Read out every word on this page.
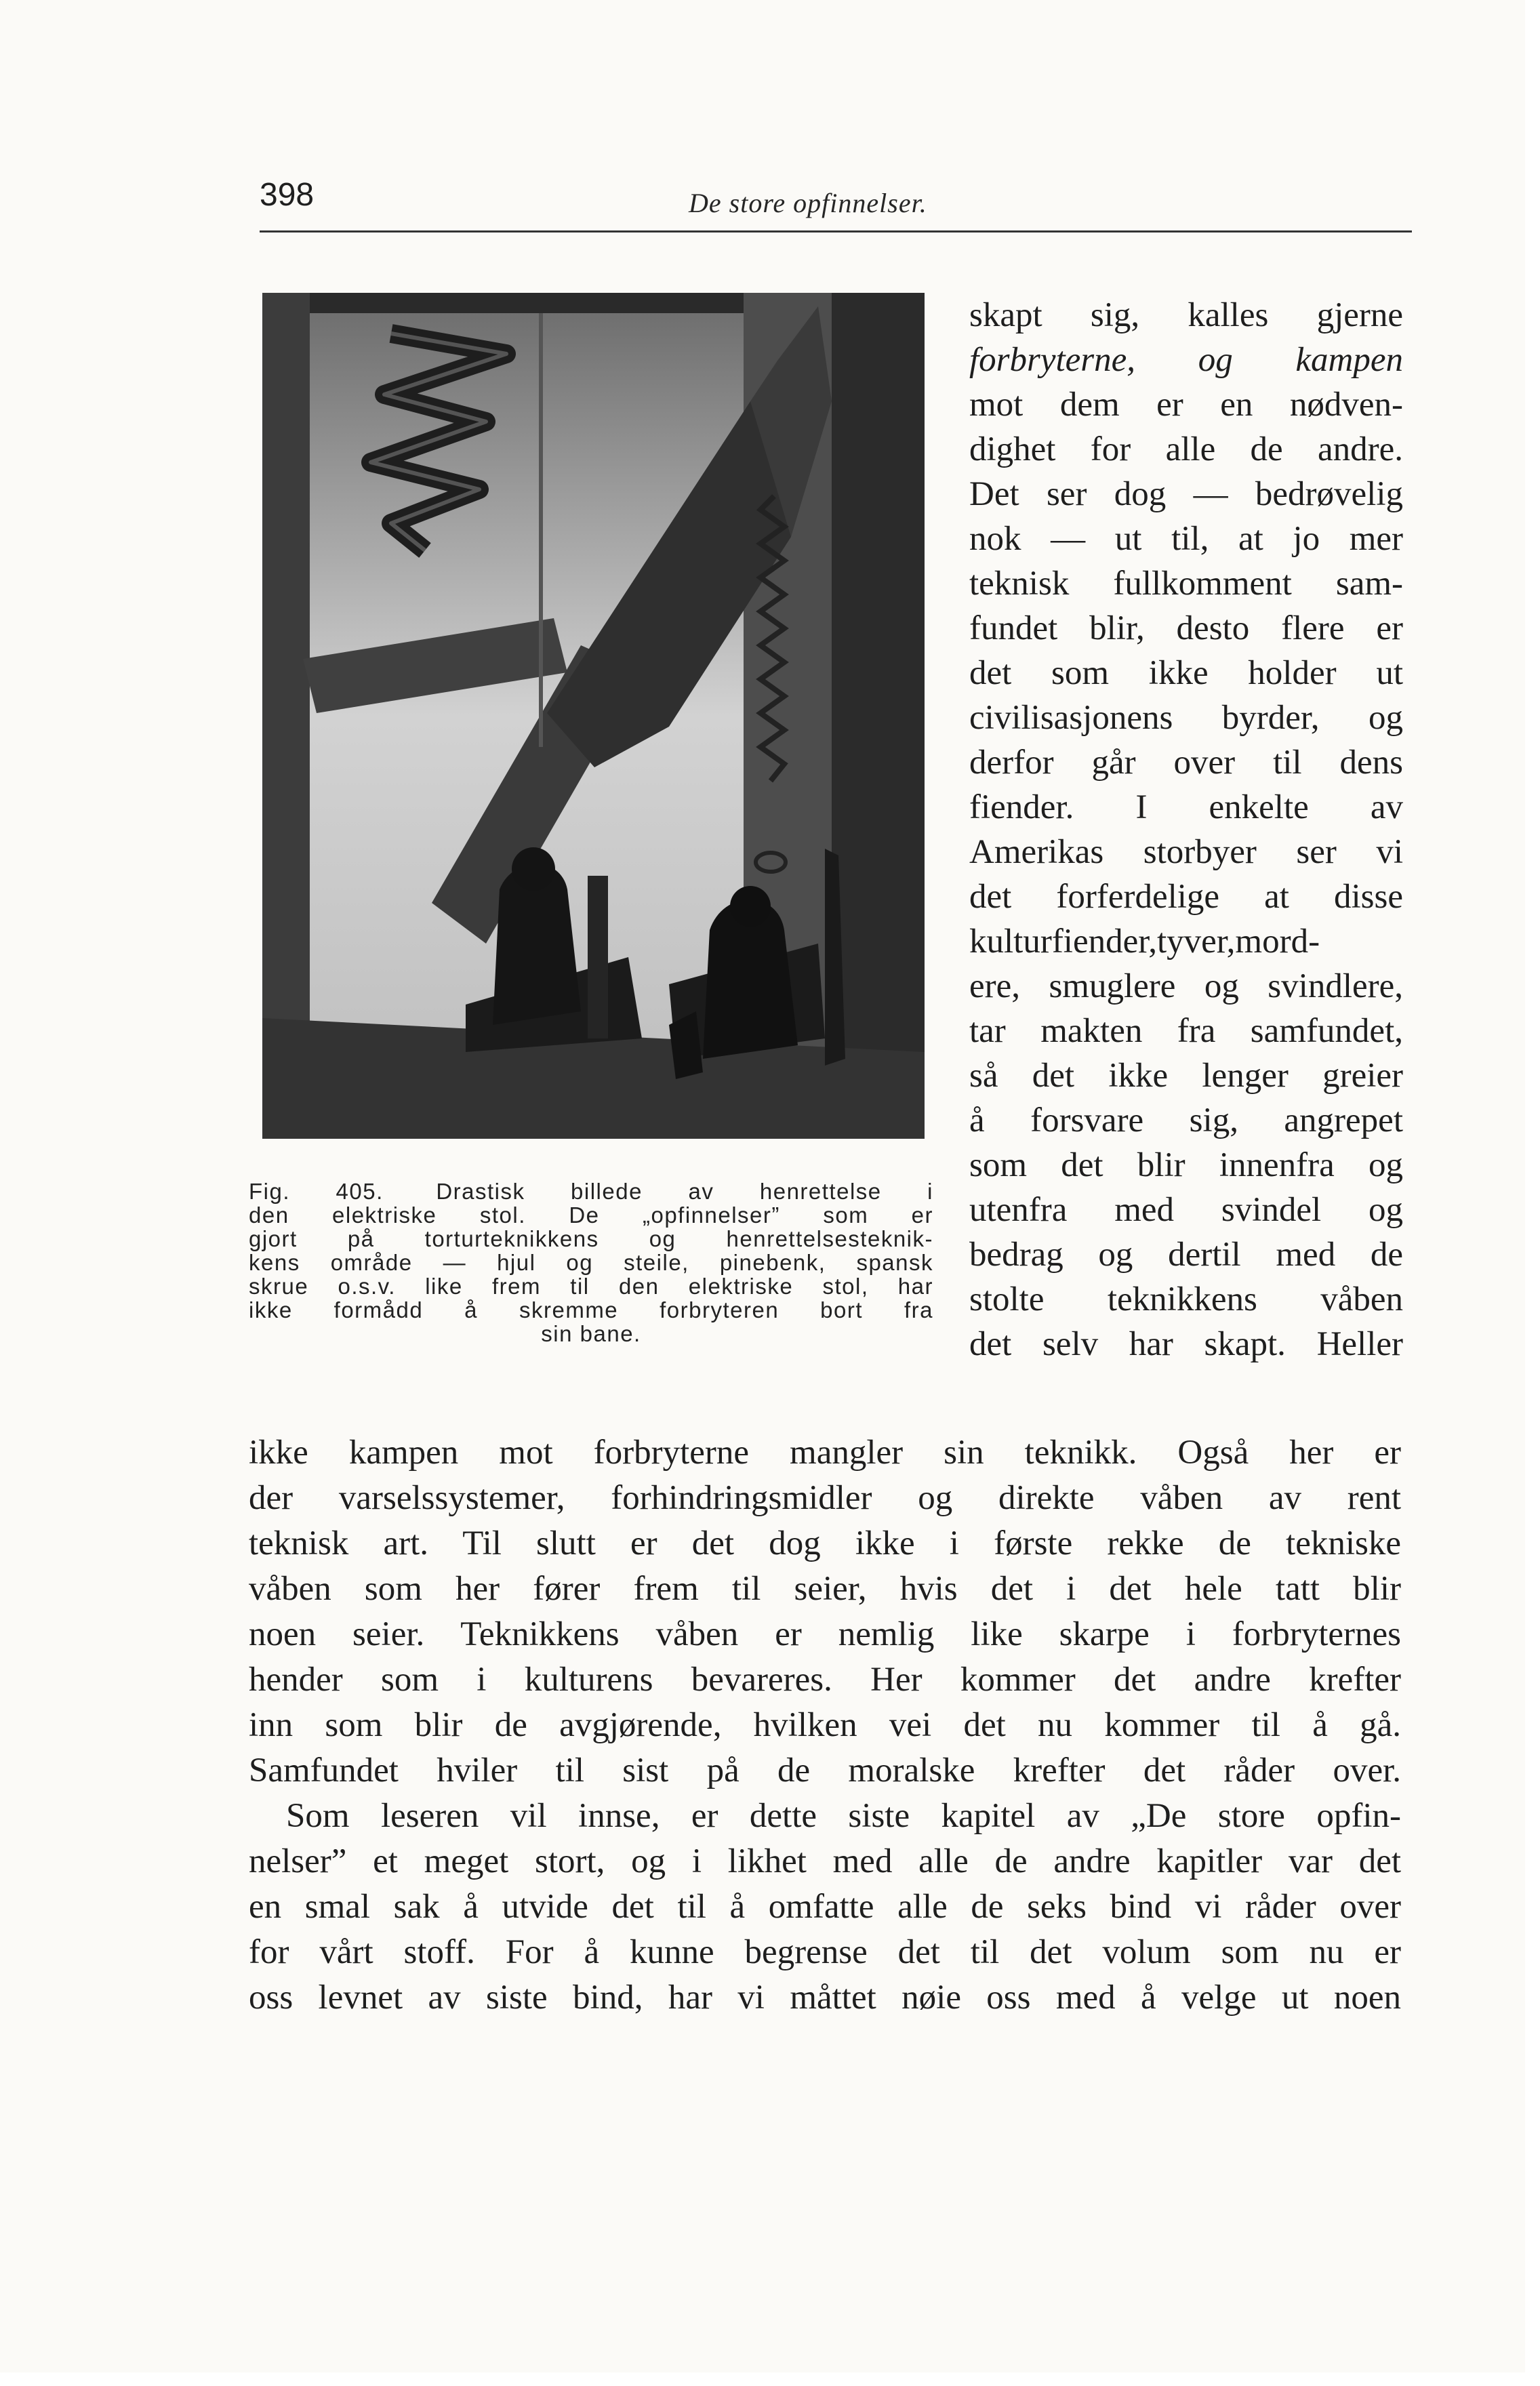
398	De store opfinnelser.
Fig. 405. Drastisk billede av henrettelse i
den elektriske stol. De „opfinnelser” som er
gjort på torturteknikkens og henrettelsesteknik-
kens område — hjul og steile, pinebenk, spansk
skrue o.s.v. like frem til den elektriske stol, har
ikke formådd å skremme forbryteren bort fra
sin bane.
skapt sig, kalles gjerne
forbryterne, og kampen
mot dem er en nødven-
dighet for alle de andre.
Det ser dog — bedrøvelig
nok — ut til, at jo mer
teknisk fullkomment sam-
fundet blir, desto flere er
det som ikke holder ut
civilisasjonens byrder, og
derfor går over til dens
fiender. I enkelte av
Amerikas storbyer ser vi
det forferdelige at disse
kulturfiender,tyver,mord-
ere, smuglere og svindlere,
tar makten fra samfundet,
så det ikke lenger greier
å forsvare sig, angrepet
som det blir innenfra og
utenfra med svindel og
bedrag og dertil med de
stolte teknikkens våben
det selv har skapt. Heller
ikke kampen mot forbryterne mangler sin teknikk. Også her er
der varselssystemer, forhindringsmidler og direkte våben av rent
teknisk art. Til slutt er det dog ikke i første rekke de tekniske
våben som her fører frem til seier, hvis det i det hele tatt blir
noen seier. Teknikkens våben er nemlig like skarpe i forbryternes
hender som i kulturens bevareres. Her kommer det andre krefter
inn som blir de avgjørende, hvilken vei det nu kommer til å gå.
Samfundet hviler til sist på de moralske krefter det råder over.
Som leseren vil innse, er dette siste kapitel av „De store opfin-
nelser” et meget stort, og i likhet med alle de andre kapitler var det
en smal sak å utvide det til å omfatte alle de seks bind vi råder over
for vårt stoff. For å kunne begrense det til det volum som nu er
oss levnet av siste bind, har vi måttet nøie oss med å velge ut noen
